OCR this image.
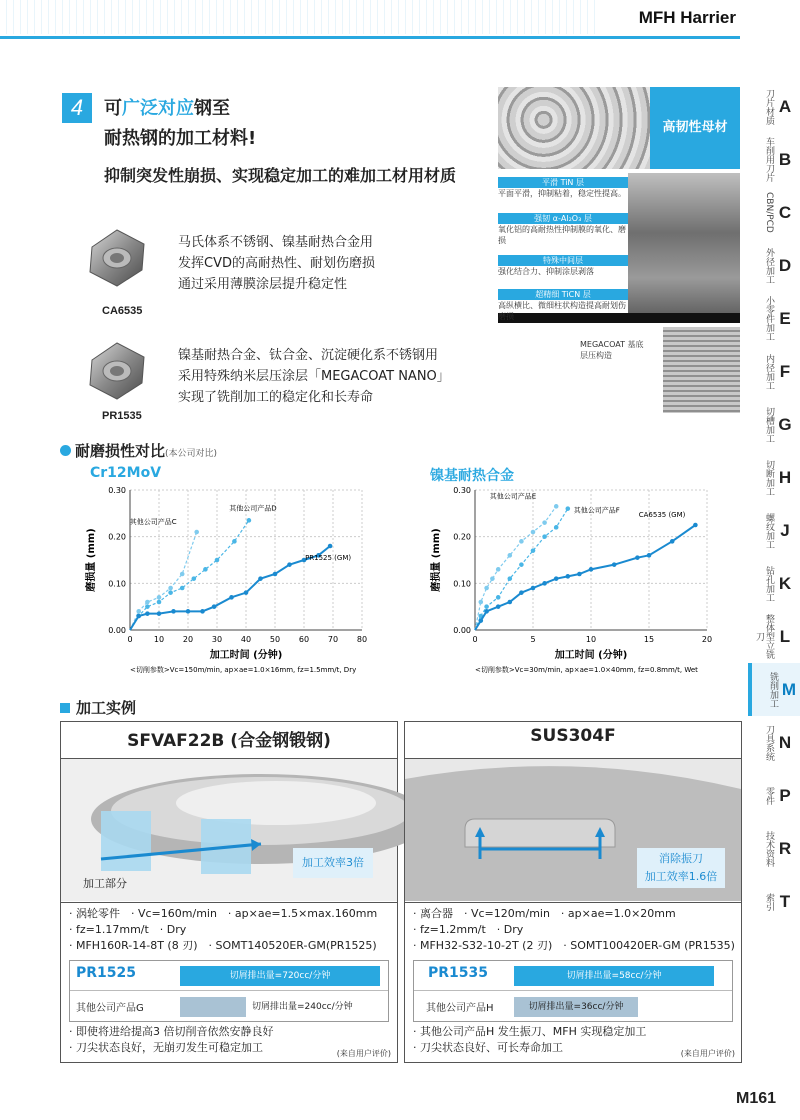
MFH Harrier
4	可广泛对应钢至
耐热钢的加工材料!
抑制突发性崩损、实现稳定加工的难加工材用材质
CA6535
马氏体系不锈钢、镍基耐热合金用
发挥CVD的高耐热性、耐划伤磨损
通过采用薄膜涂层提升稳定性
PR1535
镍基耐热合金、钛合金、沉淀硬化系不锈钢用
采用特殊纳米层压涂层「MEGACOAT NANO」
实现了铣削加工的稳定化和长寿命
高韧性母材
平滑 TiN 层
平面平滑，抑制粘着，稳定性提高。
强韧 α-Al₂O₃ 层
氧化铝的高耐热性抑制膜的氧化、磨损
特殊中间层
强化结合力、抑制涂层剥落
超精细 TiCN 层
高纵横比、微细柱状构造提高耐划伤磨损
MEGACOAT 基底
层压构造
耐磨损性对比(本公司对比)
Cr12MoV
0.00
0.10
0.20
0.30
0	10 20 30 40 50 60 70 80
加工时间 (分钟)
磨损量 (mm)
<切削参数>Vc=150m/min, ap×ae=1.0×16mm, fz=1.5mm/t, Dry
其他公司产品C
其他公司产品D
PR1525 (GM)
镍基耐热合金
0.00
0.10
0.20
0.30
0	5	10	15	20
加工时间 (分钟)
磨损量 (mm)
<切削参数>Vc=30m/min, ap×ae=1.0×40mm, fz=0.8mm/t, Wet
其他公司产品E
其他公司产品F
CA6535 (GM)
加工实例
SFVAF22B (合金钢锻钢)
加工效率3倍
加工部分
· 涡轮零件　· Vc=160m/min　· ap×ae=1.5×max.160mm
· fz=1.17mm/t　· Dry
· MFH160R-14-8T (8 刃)　· SOMT140520ER-GM(PR1525)
PR1525	切屑排出量=720cc/分钟
其他公司产品G	切屑排出量=240cc/分钟
· 即使将进给提高3 倍切削音依然安静良好
· 刀尖状态良好，无崩刃发生可稳定加工	(来自用户评价)
SUS304F
消除振刀
加工效率1.6倍
· 离合器　· Vc=120m/min　· ap×ae=1.0×20mm
· fz=1.2mm/t　· Dry
· MFH32-S32-10-2T (2 刃)　· SOMT100420ER-GM (PR1535)
PR1535	切屑排出量=58cc/分钟
其他公司产品H	切屑排出量=36cc/分钟
· 其他公司产品H 发生振刀、MFH 实现稳定加工
· 刀尖状态良好、可长寿命加工	(来自用户评价)
刀片材质 A
车削用刀片 B
CBN/PCD C
外径加工 D
小零件加工 E
内径加工 F
切槽加工 G
切断加工 H
螺纹加工 J
钻孔加工 K
整体型立铣刀 L
铣削加工 M
刀具系统 N
零件 P
技术资料 R
索引 T
M161
